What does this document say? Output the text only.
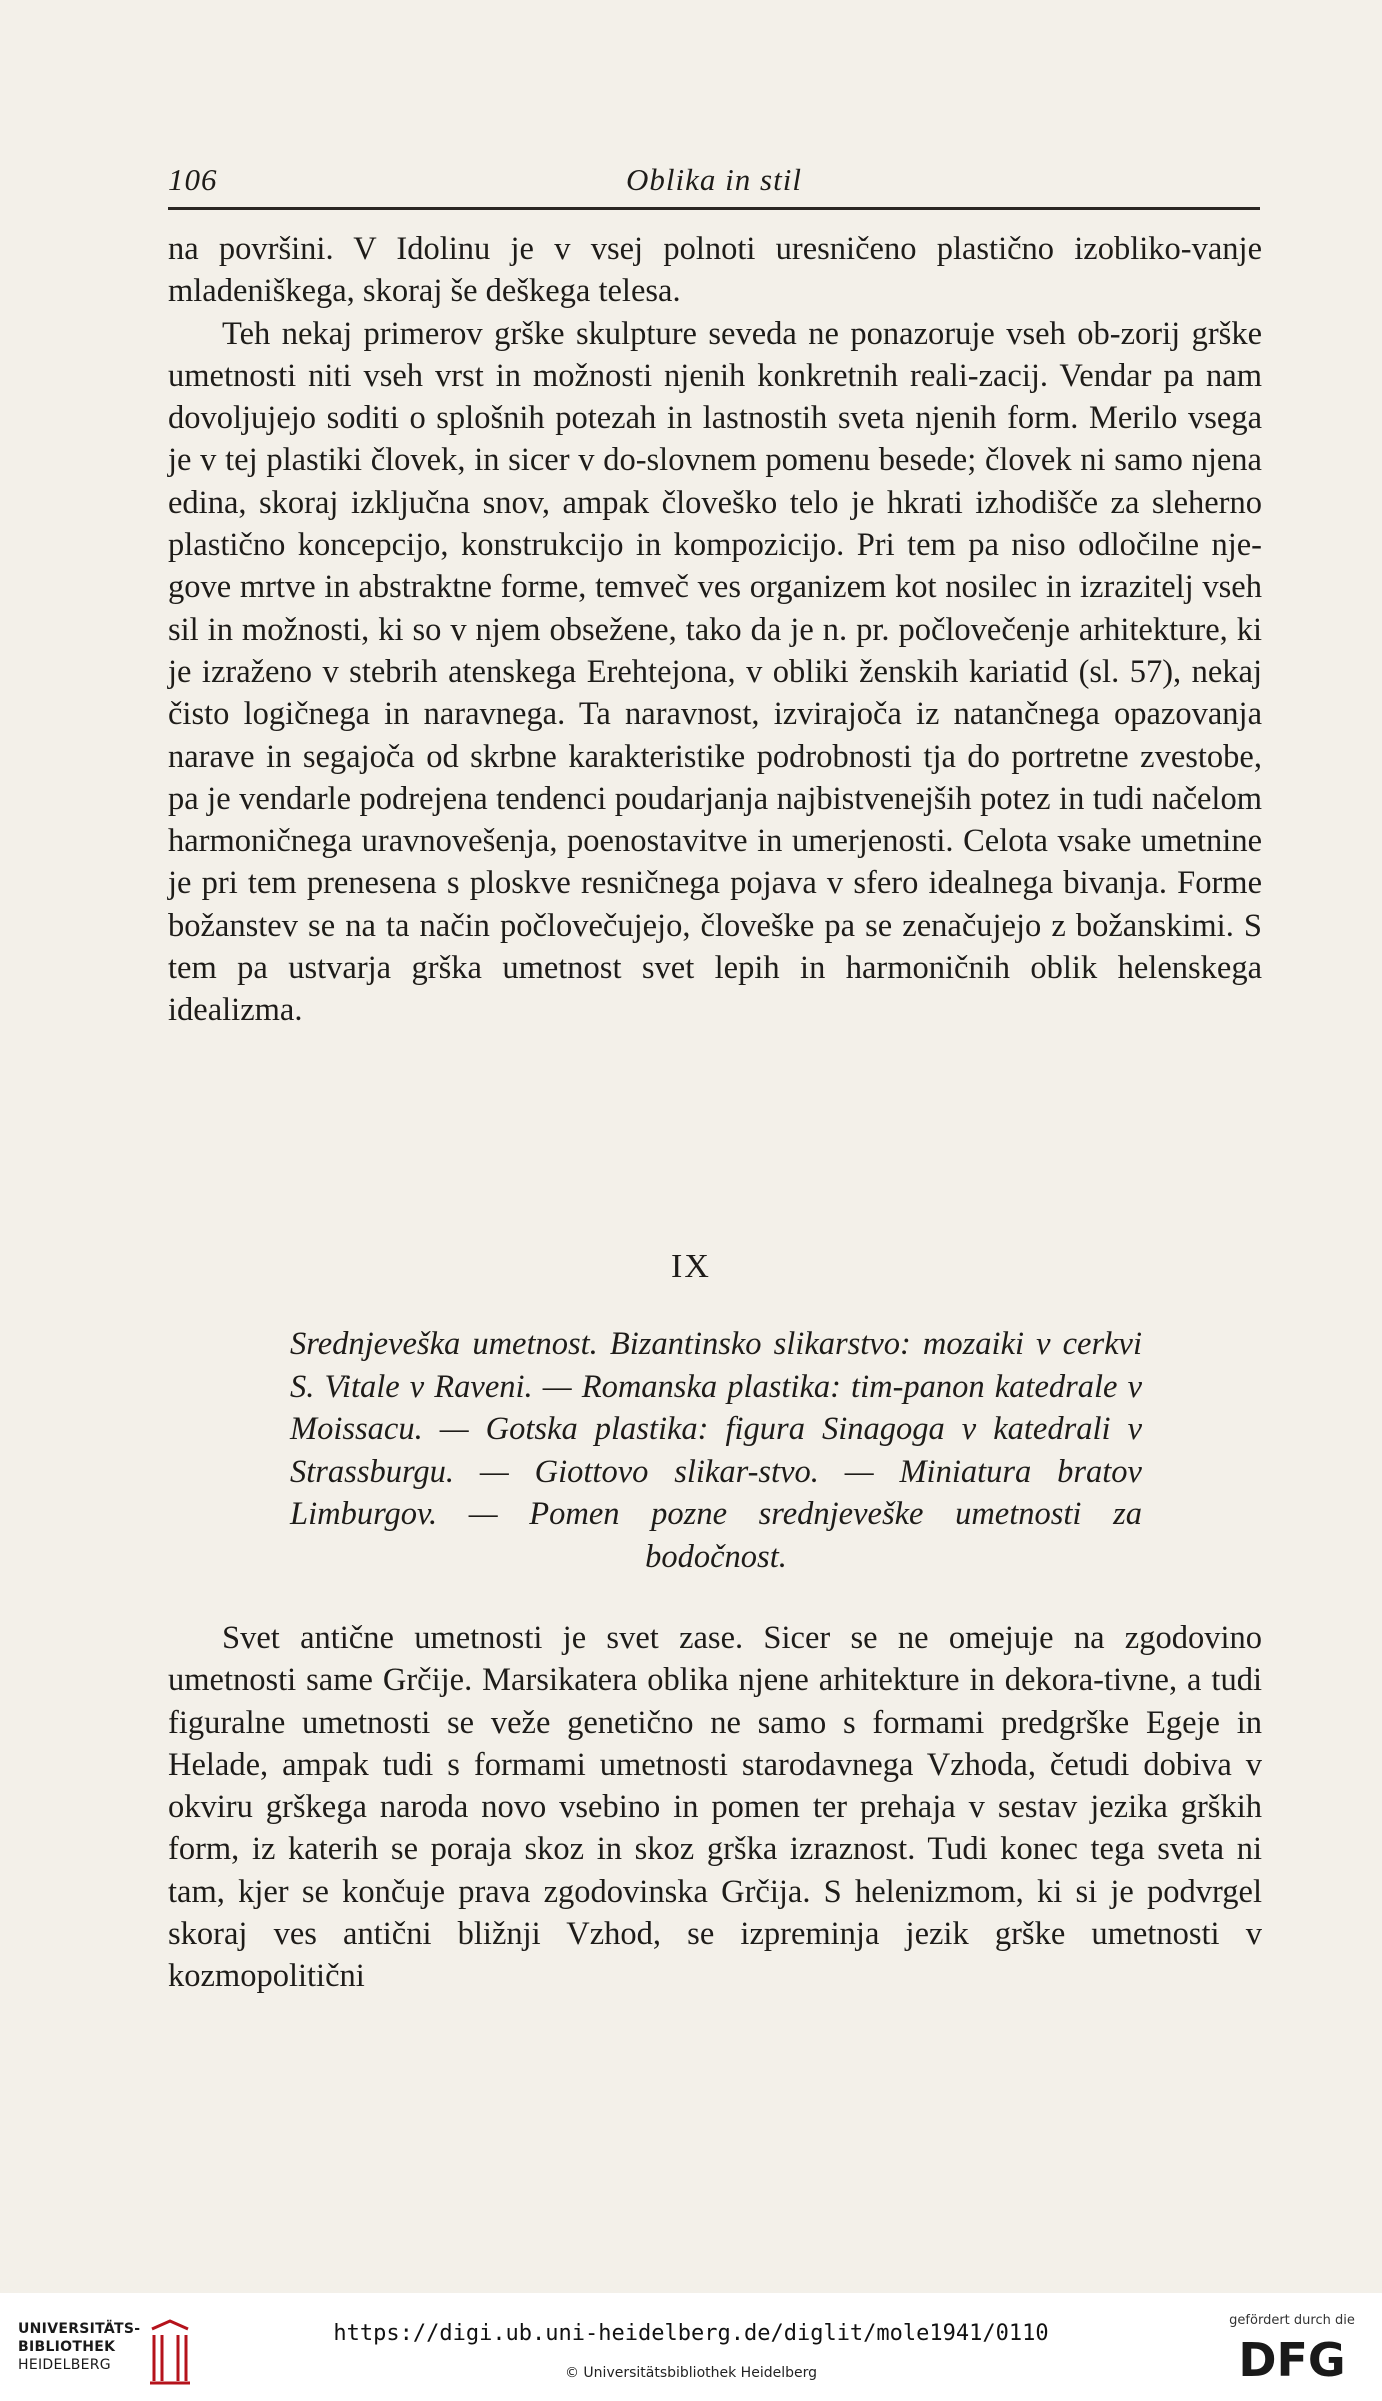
106	Oblika in stil

na površini. V Idolinu je v vsej polnoti uresničeno plastično izobliko-vanje mladeniškega, skoraj še deškega telesa.

Teh nekaj primerov grške skulpture seveda ne ponazoruje vseh ob-zorij grške umetnosti niti vseh vrst in možnosti njenih konkretnih reali-zacij. Vendar pa nam dovoljujejo soditi o splošnih potezah in lastnostih sveta njenih form. Merilo vsega je v tej plastiki človek, in sicer v do-slovnem pomenu besede; človek ni samo njena edina, skoraj izključna snov, ampak človeško telo je hkrati izhodišče za sleherno plastično koncepcijo, konstrukcijo in kompozicijo. Pri tem pa niso odločilne nje-gove mrtve in abstraktne forme, temveč ves organizem kot nosilec in izrazitelj vseh sil in možnosti, ki so v njem obsežene, tako da je n. pr. počlovečenje arhitekture, ki je izraženo v stebrih atenskega Erehtejona, v obliki ženskih kariatid (sl. 57), nekaj čisto logičnega in naravnega. Ta naravnost, izvirajoča iz natančnega opazovanja narave in segajoča od skrbne karakteristike podrobnosti tja do portretne zvestobe, pa je vendarle podrejena tendenci poudarjanja najbistvenejših potez in tudi načelom harmoničnega uravnovešenja, poenostavitve in umerjenosti. Celota vsake umetnine je pri tem prenesena s ploskve resničnega pojava v sfero idealnega bivanja. Forme božanstev se na ta način počlovečujejo, človeške pa se zenačujejo z božanskimi. S tem pa ustvarja grška umetnost svet lepih in harmoničnih oblik helenskega idealizma.

IX
Srednjeveška umetnost. Bizantinsko slikarstvo: mozaiki v cerkvi S. Vitale v Raveni. — Romanska plastika: tim-panon katedrale v Moissacu. — Gotska plastika: figura Sinagoga v katedrali v Strassburgu. — Giottovo slikar-stvo. — Miniatura bratov Limburgov. — Pomen pozne srednjeveške umetnosti za bodočnost.

Svet antične umetnosti je svet zase. Sicer se ne omejuje na zgodovino umetnosti same Grčije. Marsikatera oblika njene arhitekture in dekora-tivne, a tudi figuralne umetnosti se veže genetično ne samo s formami predgrške Egeje in Helade, ampak tudi s formami umetnosti starodavnega Vzhoda, četudi dobiva v okviru grškega naroda novo vsebino in pomen ter prehaja v sestav jezika grških form, iz katerih se poraja skoz in skoz grška izraznost. Tudi konec tega sveta ni tam, kjer se končuje prava zgodovinska Grčija. S helenizmom, ki si je podvrgel skoraj ves antični bližnji Vzhod, se izpreminja jezik grške umetnosti v kozmopolitični

UNIVERSITÄTS-
BIBLIOTHEK
HEIDELBERG
https://digi.ub.uni-heidelberg.de/diglit/mole1941/0110
© Universitätsbibliothek Heidelberg
gefördert durch die
DFG
